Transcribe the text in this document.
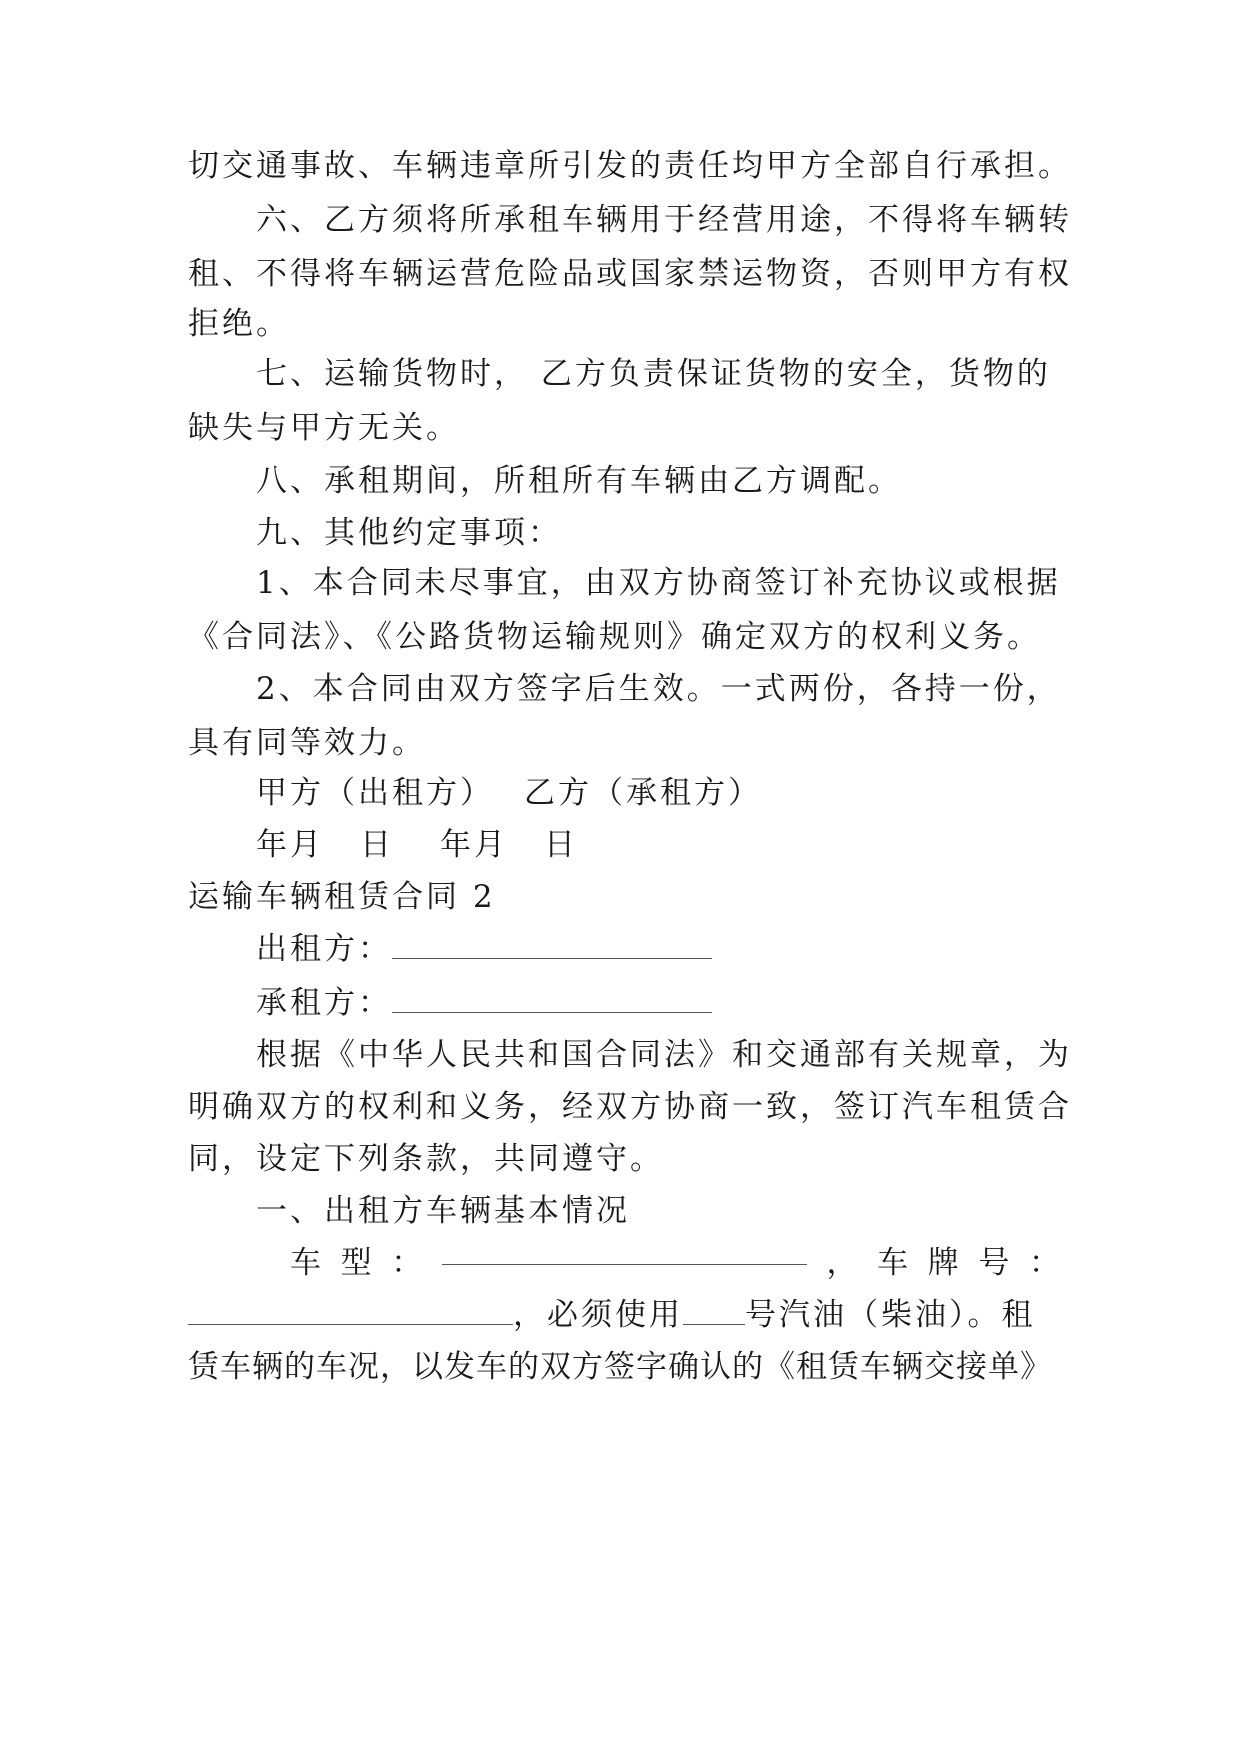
切交通事故、车辆违章所引发的责任均甲方全部自行承担。
六、乙方须将所承租车辆用于经营用途，不得将车辆转
租、不得将车辆运营危险品或国家禁运物资，否则甲方有权
拒绝。
七、运输货物时， 乙方负责保证货物的安全，货物的
缺失与甲方无关。
八、承租期间，所租所有车辆由乙方调配。
九、其他约定事项：
1、本合同未尽事宜，由双方协商签订补充协议或根据
《合同法》、《公路货物运输规则》确定双方的权利义务。
2、本合同由双方签字后生效。一式两份，各持一份，
具有同等效力。
甲方（出租方） 乙方（承租方）
年月 日 年月 日
运输车辆租赁合同 2
出租方：
承租方：
根据《中华人民共和国合同法》和交通部有关规章，为
明确双方的权利和义务，经双方协商一致，签订汽车租赁合
同，设定下列条款，共同遵守。
一、出租方车辆基本情况
车 型 ：	， 车 牌 号 ：
，必须使用 号汽油（柴油）。租
赁车辆的车况，以发车的双方签字确认的《租赁车辆交接单》
